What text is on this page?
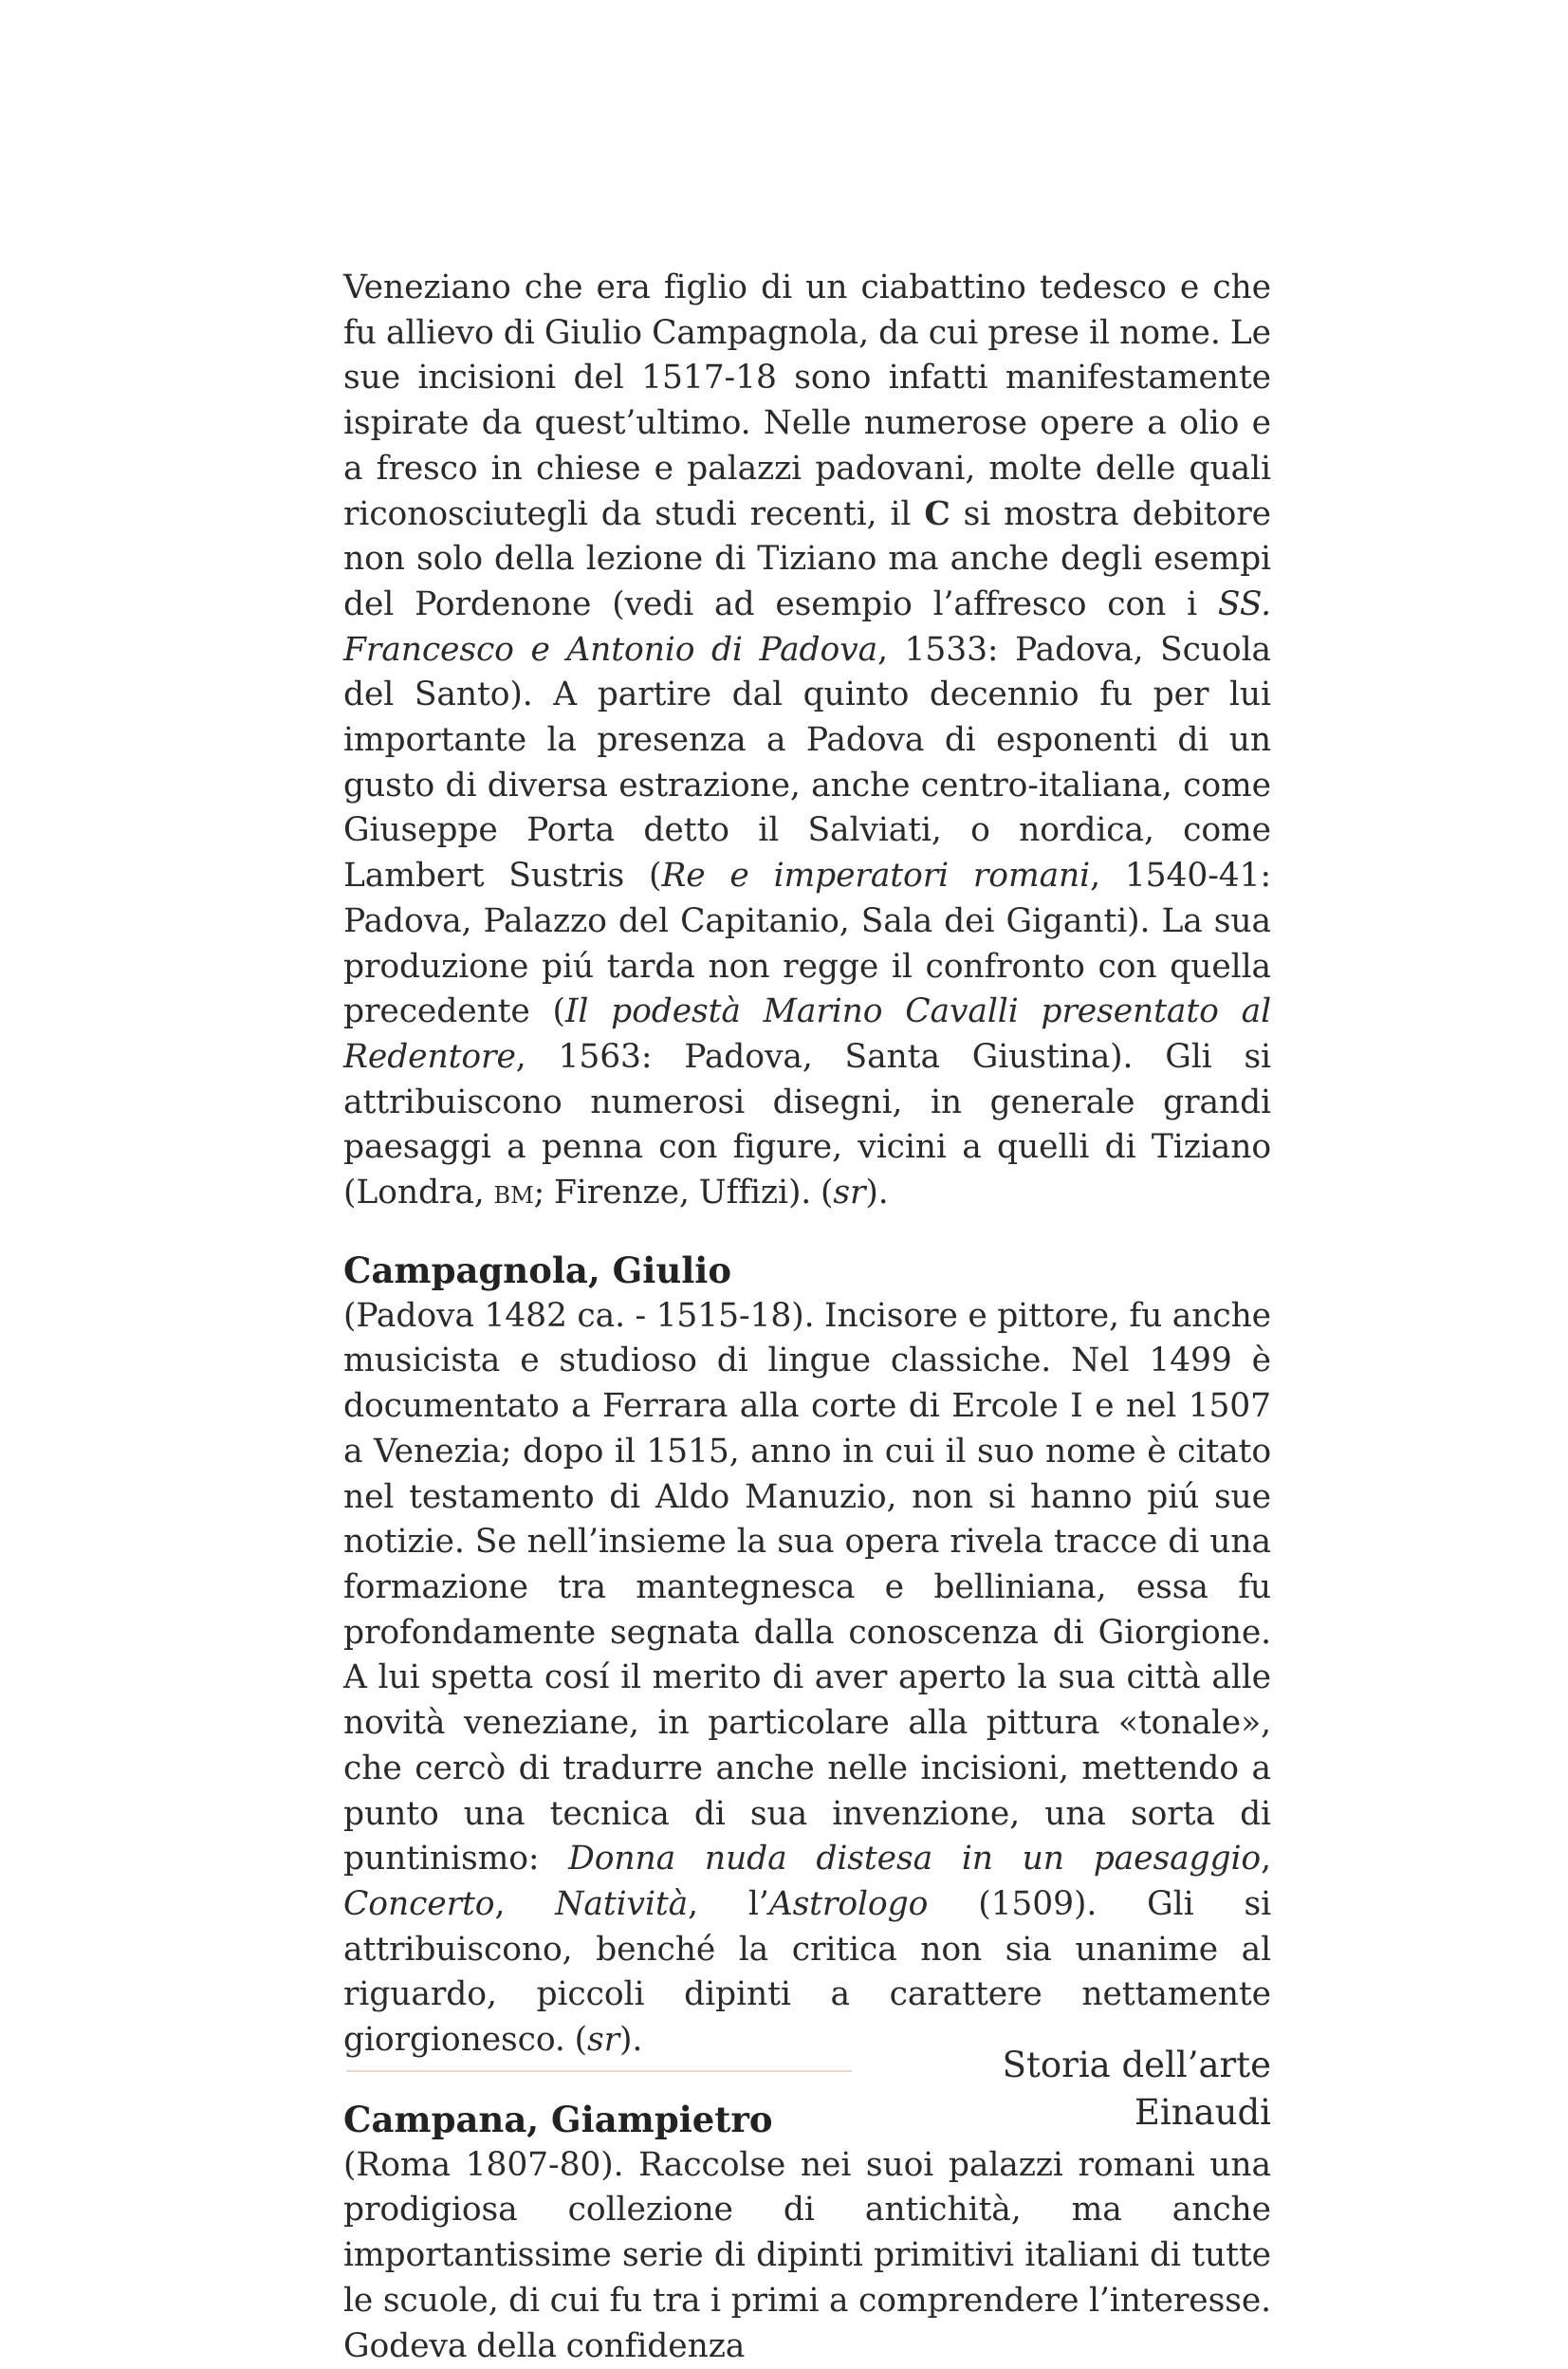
Veneziano che era figlio di un ciabattino tedesco e che fu allievo di Giulio Campagnola, da cui prese il nome. Le sue incisioni del 1517-18 sono infatti manifestamente ispirate da quest’ultimo. Nelle numerose opere a olio e a fresco in chiese e palazzi padovani, molte delle quali riconosciutegli da studi recenti, il C si mostra debitore non solo della lezione di Tiziano ma anche degli esempi del Pordenone (vedi ad esempio l’affresco con i SS. Francesco e Antonio di Padova, 1533: Padova, Scuola del Santo). A partire dal quinto decennio fu per lui importante la presenza a Padova di esponenti di un gusto di diversa estrazione, anche centro-italiana, come Giuseppe Porta detto il Salviati, o nordica, come Lambert Sustris (Re e imperatori romani, 1540-41: Padova, Palazzo del Capitanio, Sala dei Giganti). La sua produzione piú tarda non regge il confronto con quella precedente (Il podestà Marino Cavalli presentato al Redentore, 1563: Padova, Santa Giustina). Gli si attribuiscono numerosi disegni, in generale grandi paesaggi a penna con figure, vicini a quelli di Tiziano (Londra, bm; Firenze, Uffizi). (sr).

Campagnola, Giulio

(Padova 1482 ca. - 1515-18). Incisore e pittore, fu anche musicista e studioso di lingue classiche. Nel 1499 è documentato a Ferrara alla corte di Ercole I e nel 1507 a Venezia; dopo il 1515, anno in cui il suo nome è citato nel testamento di Aldo Manuzio, non si hanno piú sue notizie. Se nell’insieme la sua opera rivela tracce di una formazione tra mantegnesca e belliniana, essa fu profondamente segnata dalla conoscenza di Giorgione. A lui spetta cosí il merito di aver aperto la sua città alle novità veneziane, in particolare alla pittura «tonale», che cercò di tradurre anche nelle incisioni, mettendo a punto una tecnica di sua invenzione, una sorta di puntinismo: Donna nuda distesa in un paesaggio, Concerto, Natività, l’Astrologo (1509). Gli si attribuiscono, benché la critica non sia unanime al riguardo, piccoli dipinti a carattere nettamente giorgionesco. (sr).

Campana, Giampietro

(Roma 1807-80). Raccolse nei suoi palazzi romani una prodigiosa collezione di antichità, ma anche importantissime serie di dipinti primitivi italiani di tutte le scuole, di cui fu tra i primi a comprendere l’interesse. Godeva della confidenza

Storia dell’arte Einaudi
